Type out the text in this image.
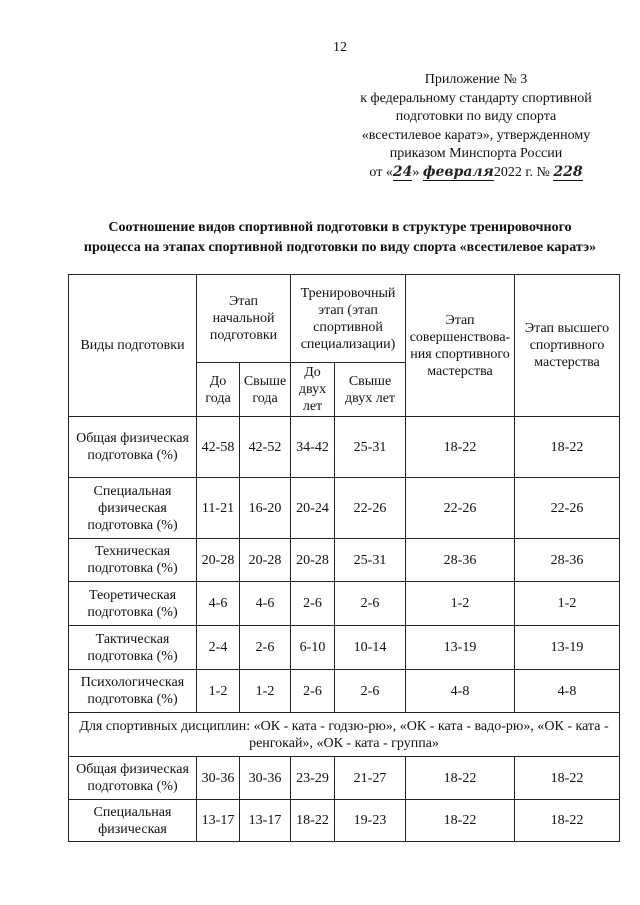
12
Приложение № 3
к федеральному стандарту спортивной
подготовки по виду спорта
«всестилевое каратэ», утвержденному
приказом Минспорта России
от «24» февраля2022 г. № 228
Соотношение видов спортивной подготовки в структуре тренировочного
процесса на этапах спортивной подготовки по виду спорта «всестилевое каратэ»
Виды подготовки	Этап начальной подготовки		Тренировочный этап (этап спортивной специализации)		Этап совершенствова-ния спортивного мастерства	Этап высшего спортивного мастерства
	До года	Свыше года	До двух лет	Свыше двух лет		
Общая физическая подготовка (%)	42-58	42-52	34-42	25-31	18-22	18-22
Специальная физическая подготовка (%)	11-21	16-20	20-24	22-26	22-26	22-26
Техническая подготовка (%)	20-28	20-28	20-28	25-31	28-36	28-36
Теоретическая подготовка (%)	4-6	4-6	2-6	2-6	1-2	1-2
Тактическая подготовка (%)	2-4	2-6	6-10	10-14	13-19	13-19
Психологическая подготовка (%)	1-2	1-2	2-6	2-6	4-8	4-8
Для спортивных дисциплин: «ОК - ката - годзю-рю», «ОК - ката - вадо-рю», «ОК - ката - ренгокай», «ОК - ката - группа»						
Общая физическая подготовка (%)	30-36	30-36	23-29	21-27	18-22	18-22
Специальная физическая	13-17	13-17	18-22	19-23	18-22	18-22
